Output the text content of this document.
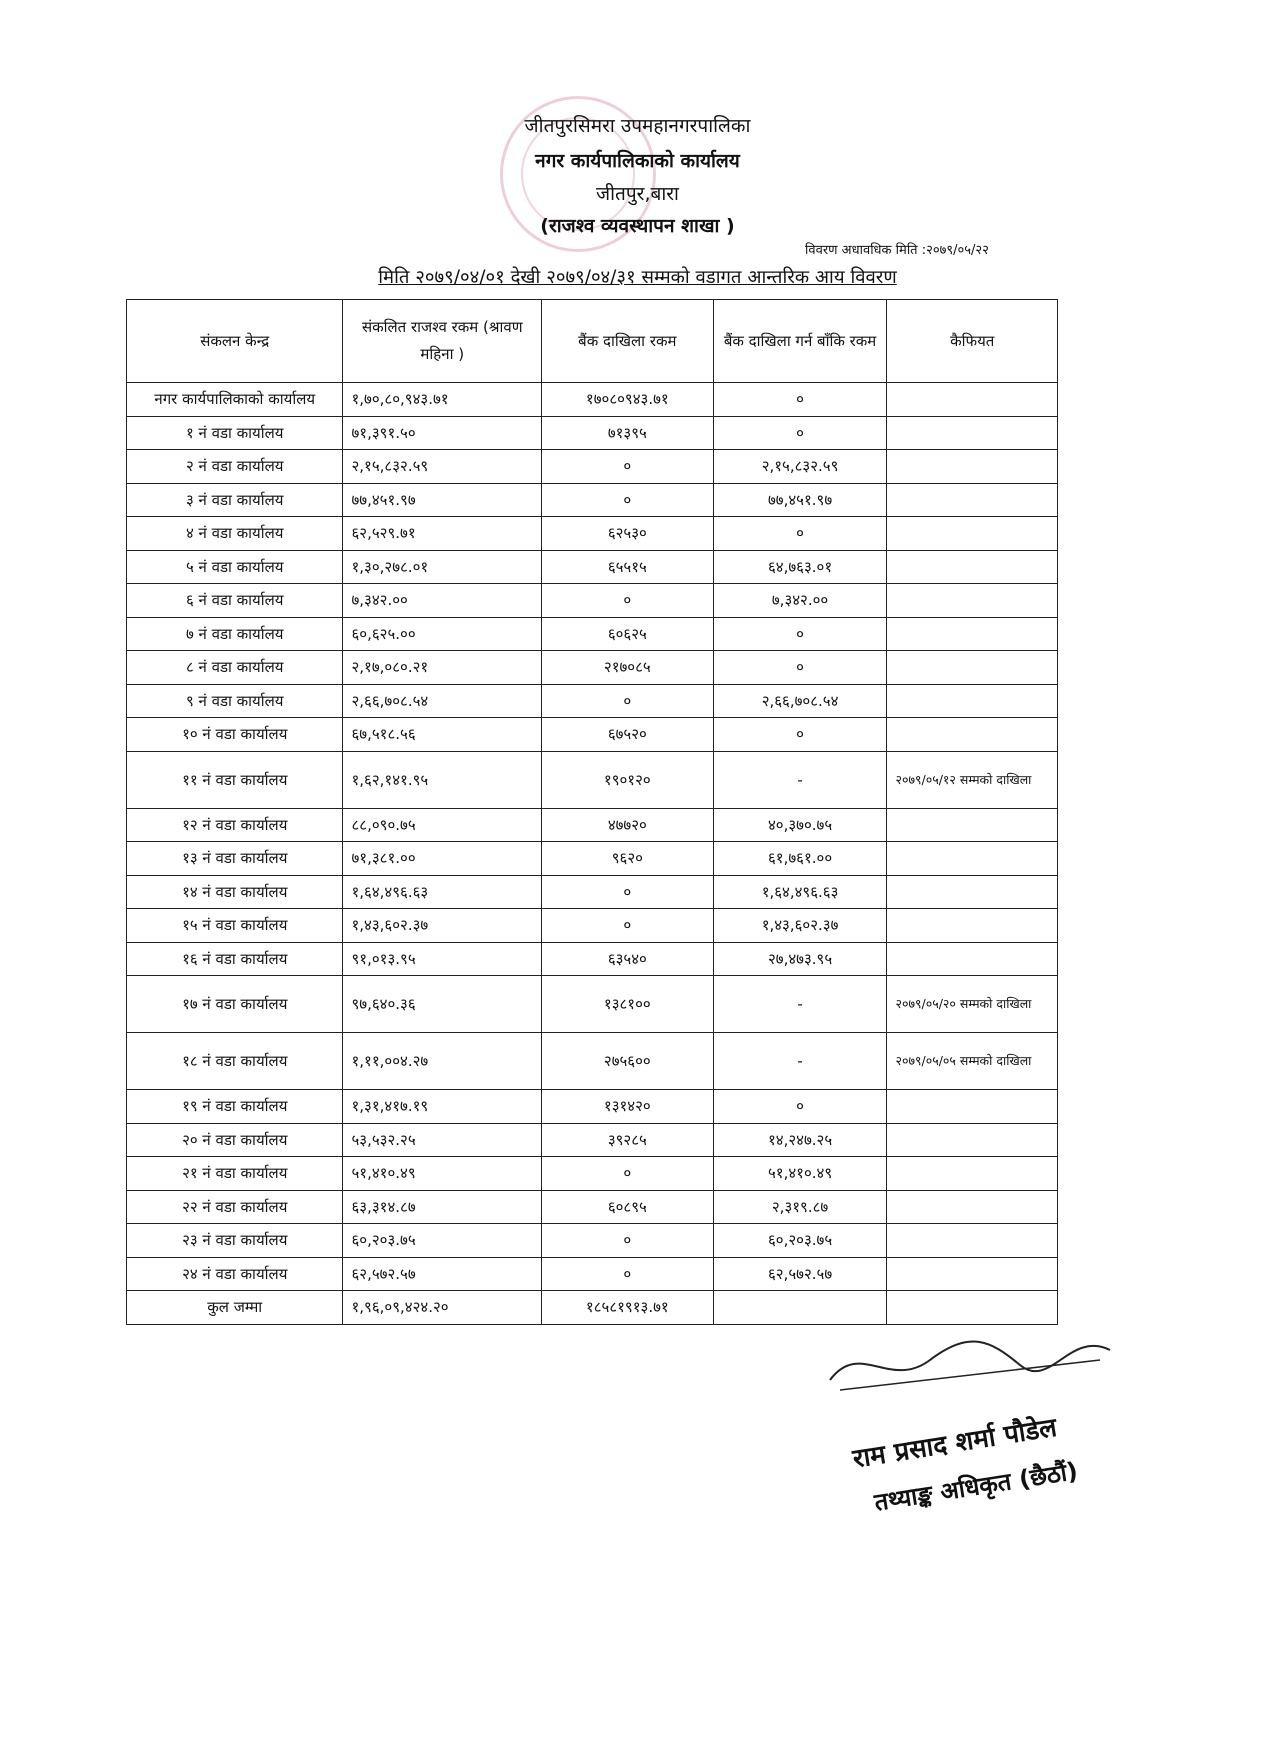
जीतपुरसिमरा उपमहानगरपालिका
नगर कार्यपालिकाको कार्यालय
जीतपुर,बारा
(राजश्व व्यवस्थापन शाखा )
विवरण अधावधिक मिति :२०७९/०५/२२
मिति २०७९/०४/०१ देखी २०७९/०४/३१ सम्मको वडागत आन्तरिक आय विवरण
संकलन केन्द्र	संकलित राजश्व रकम (श्रावण महिना )	बैंक दाखिला रकम	बैंक दाखिला गर्न बाँकि रकम	कैफियत
नगर कार्यपालिकाको कार्यालय	१,७०,८०,९४३.७१	१७०८०९४३.७१	०	
१ नं वडा कार्यालय	७१,३९१.५०	७१३९५	०	
२ नं वडा कार्यालय	२,१५,८३२.५९	०	२,१५,८३२.५९	
३ नं वडा कार्यालय	७७,४५१.९७	०	७७,४५१.९७	
४ नं वडा कार्यालय	६२,५२९.७१	६२५३०	०	
५ नं वडा कार्यालय	१,३०,२७८.०१	६५५१५	६४,७६३.०१	
६ नं वडा कार्यालय	७,३४२.००	०	७,३४२.००	
७ नं वडा कार्यालय	६०,६२५.००	६०६२५	०	
८ नं वडा कार्यालय	२,१७,०८०.२१	२१७०८५	०	
९ नं वडा कार्यालय	२,६६,७०८.५४	०	२,६६,७०८.५४	
१० नं वडा कार्यालय	६७,५१८.५६	६७५२०	०	
११ नं वडा कार्यालय	१,६२,१४१.९५	१९०१२०	-	२०७९/०५/१२ सम्मको दाखिला
१२ नं वडा कार्यालय	८८,०९०.७५	४७७२०	४०,३७०.७५	
१३ नं वडा कार्यालय	७१,३८१.००	९६२०	६१,७६१.००	
१४ नं वडा कार्यालय	१,६४,४९६.६३	०	१,६४,४९६.६३	
१५ नं वडा कार्यालय	१,४३,६०२.३७	०	१,४३,६०२.३७	
१६ नं वडा कार्यालय	९१,०१३.९५	६३५४०	२७,४७३.९५	
१७ नं वडा कार्यालय	९७,६४०.३६	१३८१००	-	२०७९/०५/२० सम्मको दाखिला
१८ नं वडा कार्यालय	१,११,००४.२७	२७५६००	-	२०७९/०५/०५ सम्मको दाखिला
१९ नं वडा कार्यालय	१,३१,४१७.१९	१३१४२०	०	
२० नं वडा कार्यालय	५३,५३२.२५	३९२८५	१४,२४७.२५	
२१ नं वडा कार्यालय	५१,४१०.४९	०	५१,४१०.४९	
२२ नं वडा कार्यालय	६३,३१४.८७	६०८९५	२,३१९.८७	
२३ नं वडा कार्यालय	६०,२०३.७५	०	६०,२०३.७५	
२४ नं वडा कार्यालय	६२,५७२.५७	०	६२,५७२.५७	
कुल जम्मा	१,९६,०९,४२४.२०	१८५८१९१३.७१		
राम प्रसाद शर्मा पौडेल
तथ्याङ्क अधिकृत (छैठौं)
